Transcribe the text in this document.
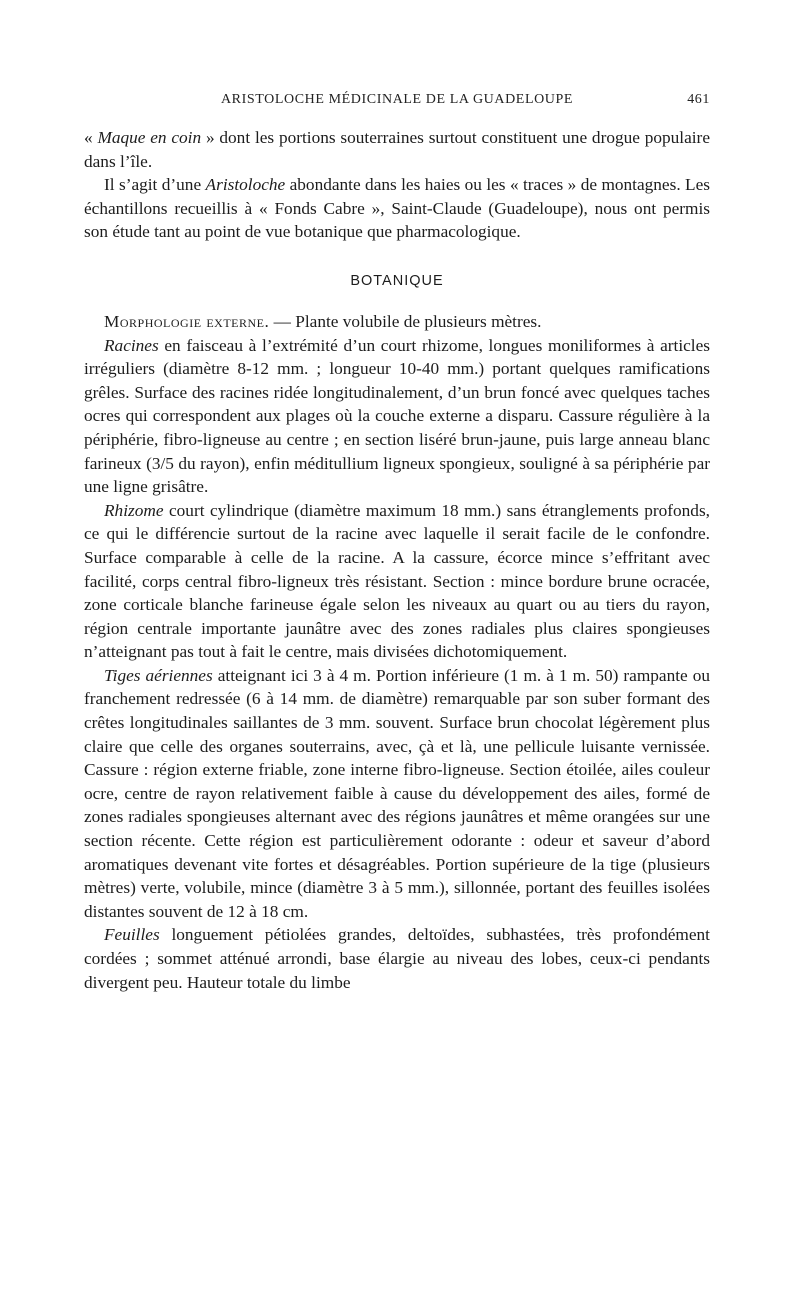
ARISTOLOCHE MÉDICINALE DE LA GUADELOUPE	461

« Maque en coin » dont les portions souterraines surtout constituent une drogue populaire dans l’île.

Il s’agit d’une Aristoloche abondante dans les haies ou les « traces » de montagnes. Les échantillons recueillis à « Fonds Cabre », Saint-Claude (Guadeloupe), nous ont permis son étude tant au point de vue botanique que pharmacologique.

BOTANIQUE

Morphologie externe. — Plante volubile de plusieurs mètres.

Racines en faisceau à l’extrémité d’un court rhizome, longues moniliformes à articles irréguliers (diamètre 8-12 mm. ; longueur 10-40 mm.) portant quelques ramifications grêles. Surface des racines ridée longitudinalement, d’un brun foncé avec quelques taches ocres qui correspondent aux plages où la couche externe a disparu. Cassure régulière à la périphérie, fibro-ligneuse au centre ; en section liséré brun-jaune, puis large anneau blanc farineux (3/5 du rayon), enfin méditullium ligneux spongieux, souligné à sa périphérie par une ligne grisâtre.

Rhizome court cylindrique (diamètre maximum 18 mm.) sans étranglements profonds, ce qui le différencie surtout de la racine avec laquelle il serait facile de le confondre. Surface comparable à celle de la racine. A la cassure, écorce mince s’effritant avec facilité, corps central fibro-ligneux très résistant. Section : mince bordure brune ocracée, zone corticale blanche farineuse égale selon les niveaux au quart ou au tiers du rayon, région centrale importante jaunâtre avec des zones radiales plus claires spongieuses n’atteignant pas tout à fait le centre, mais divisées dichotomiquement.

Tiges aériennes atteignant ici 3 à 4 m. Portion inférieure (1 m. à 1 m. 50) rampante ou franchement redressée (6 à 14 mm. de diamètre) remarquable par son suber formant des crêtes longitudinales saillantes de 3 mm. souvent. Surface brun chocolat légèrement plus claire que celle des organes souterrains, avec, çà et là, une pellicule luisante vernissée. Cassure : région externe friable, zone interne fibro-ligneuse. Section étoilée, ailes couleur ocre, centre de rayon relativement faible à cause du développement des ailes, formé de zones radiales spongieuses alternant avec des régions jaunâtres et même orangées sur une section récente. Cette région est particulièrement odorante : odeur et saveur d’abord aromatiques devenant vite fortes et désagréables. Portion supérieure de la tige (plusieurs mètres) verte, volubile, mince (diamètre 3 à 5 mm.), sillonnée, portant des feuilles isolées distantes souvent de 12 à 18 cm.

Feuilles longuement pétiolées grandes, deltoïdes, subhastées, très profondément cordées ; sommet atténué arrondi, base élargie au niveau des lobes, ceux-ci pendants divergent peu. Hauteur totale du limbe
